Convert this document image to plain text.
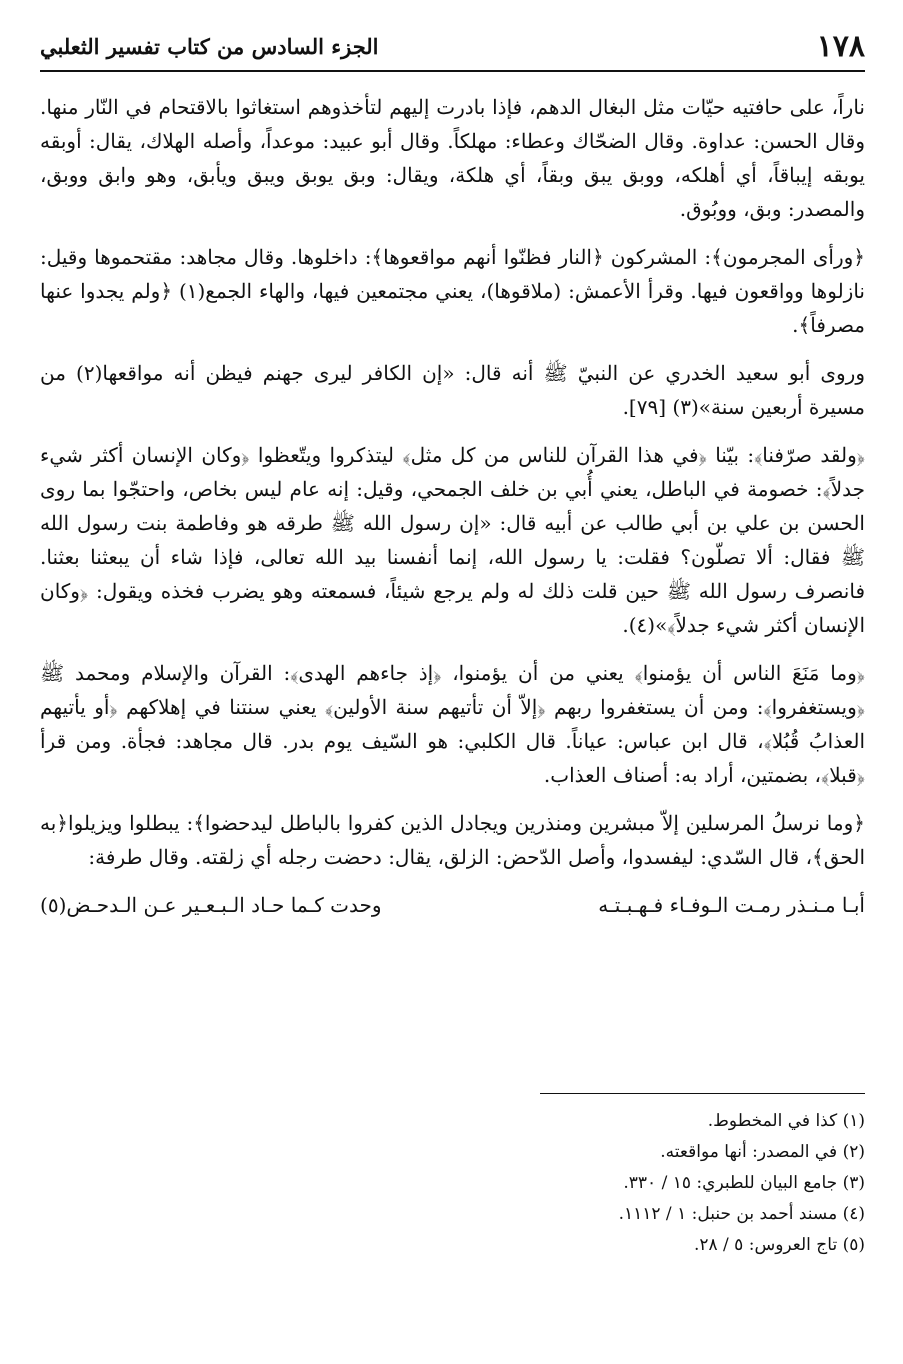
١٧٨
الجزء السادس من كتاب تفسير الثعلبي

ناراً، على حافتيه حيّات مثل البغال الدهم، فإذا بادرت إليهم لتأخذوهم استغاثوا بالاقتحام في النّار منها. وقال الحسن: عداوة. وقال الضحّاك وعطاء: مهلكاً. وقال أبو عبيد: موعداً، وأصله الهلاك، يقال: أوبقه يوبقه إيباقاً، أي أهلكه، ووبق يبق وبقاً، أي هلكة، ويقال: وبق يوبق ويبق ويأبق، وهو وابق ووبق، والمصدر: وبق، ووبُوق.

﴿ورأى المجرمون﴾: المشركون ﴿النار فظنّوا أنهم مواقعوها﴾: داخلوها. وقال مجاهد: مقتحموها وقيل: نازلوها وواقعون فيها. وقرأ الأعمش: (ملاقوها)، يعني مجتمعين فيها، والهاء الجمع(١) ﴿ولم يجدوا عنها مصرفاً﴾.

وروى أبو سعيد الخدري عن النبيّ ﷺ أنه قال: «إن الكافر ليرى جهنم فيظن أنه مواقعها(٢) من مسيرة أربعين سنة»(٣) [٧٩].

﴿ولقد صرّفنا﴾: بيّنا ﴿في هذا القرآن للناس من كل مثل﴾ ليتذكروا ويتّعظوا ﴿وكان الإنسان أكثر شيء جدلاً﴾: خصومة في الباطل، يعني أُبي بن خلف الجمحي، وقيل: إنه عام ليس بخاص، واحتجّوا بما روى الحسن بن علي بن أبي طالب عن أبيه قال: «إن رسول الله ﷺ طرقه هو وفاطمة بنت رسول الله ﷺ فقال: ألا تصلّون؟ فقلت: يا رسول الله، إنما أنفسنا بيد الله تعالى، فإذا شاء أن يبعثنا بعثنا. فانصرف رسول الله ﷺ حين قلت ذلك له ولم يرجع شيئاً، فسمعته وهو يضرب فخذه ويقول: ﴿وكان الإنسان أكثر شيء جدلاً﴾»(٤).

﴿وما مَنَعَ الناس أن يؤمنوا﴾ يعني من أن يؤمنوا، ﴿إذ جاءهم الهدى﴾: القرآن والإسلام ومحمد ﷺ ﴿ويستغفروا﴾: ومن أن يستغفروا ربهم ﴿إلاّ أن تأتيهم سنة الأولين﴾ يعني سنتنا في إهلاكهم ﴿أو يأتيهم العذابُ قُبُلا﴾، قال ابن عباس: عياناً. قال الكلبي: هو السّيف يوم بدر. قال مجاهد: فجأة. ومن قرأ ﴿قبلا﴾، بضمتين، أراد به: أصناف العذاب.

﴿وما نرسلُ المرسلين إلاّ مبشرين ومنذرين ويجادل الذين كفروا بالباطل ليدحضوا﴾: يبطلوا ويزيلوا﴿به الحق﴾، قال السّدي: ليفسدوا، وأصل الدّحض: الزلق، يقال: دحضت رجله أي زلقته. وقال طرفة:

أبـا مـنـذر رمـت الـوفـاء فـهـبـتـه
وحدت كـما حـاد الـبـعـير عـن الـدحـض(٥)
(١) كذا في المخطوط.
(٢) في المصدر: أنها مواقعته.
(٣) جامع البيان للطبري: ١٥ / ٣٣٠.
(٤) مسند أحمد بن حنبل: ١ / ١١١٢.
(٥) تاج العروس: ٥ / ٢٨.
